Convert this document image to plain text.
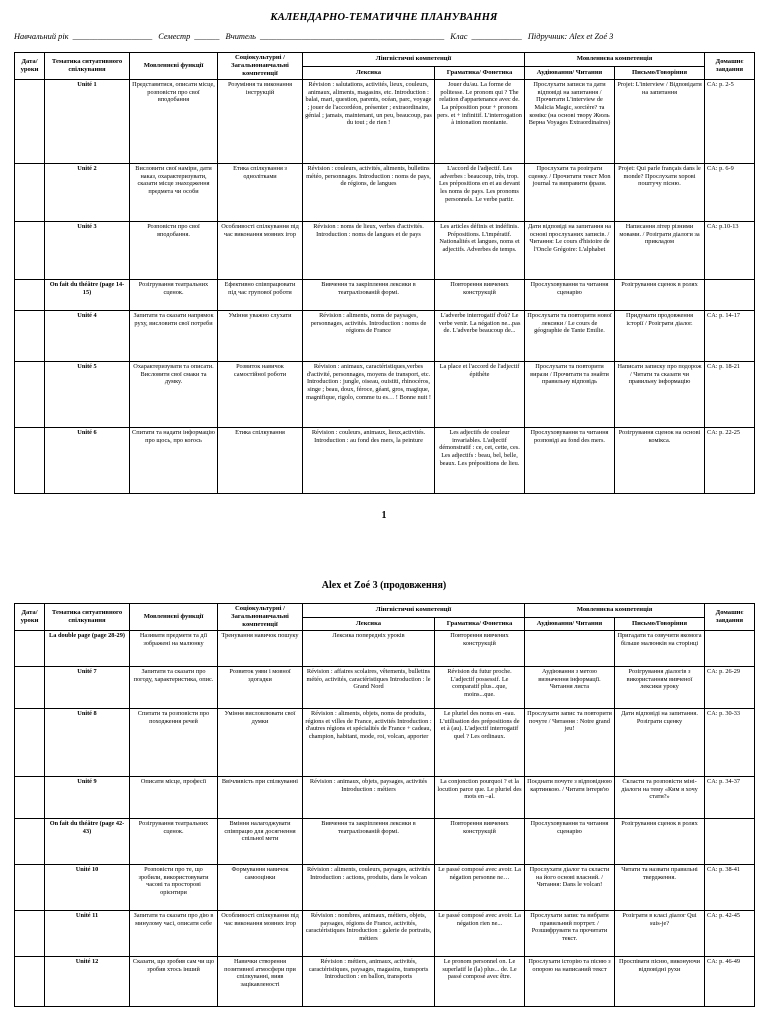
КАЛЕНДАРНО-ТЕМАТИЧНЕ ПЛАНУВАННЯ
Навчальний рік ___________________ Семестр ______ Вчитель ____________________________________________ Клас ____________ Підручник: Alex et Zoé 3
Дата/ уроки	Тематика ситуативного спілкування	Мовленнєві функції	Соціокультурні / Загальнонавчальні компетенції	Лінгвістичні компетенції		Мовленнєва компетенція		Домашнє завдання
				Лексика	Граматика/ Фонетика	Аудіювання/ Читання	Письмо/Говоріння	
	Unité 1	Представитися, описати місце, розповісти про свої вподобання	Розуміння та виконання інструкцій	Révision : salutations, activités, lieux, couleurs, animaux, aliments, magasins, etc. Introduction : balai, mari, question, parents, océan, parc, voyage ; jouer de l'accordéon, présenter ; extraordinaire, génial ; jamais, maintenant, un peu, beaucoup, pas du tout ; de rien !	Jouer du/au. La forme de politesse. Le pronom qui ? The relation d'appartenance avec de. La préposition pour + pronom pers. et + infinitif. L'interrogation à intonation montante.	Прослухати записи та дати відповіді на запитання / Прочитати L'interview de Malicia Magic, sorcière? та комікс (на основі твору Жюль Верна Voyages Extraordinaires)	Projet: L'interview / Відповідати на запитання	CA: p. 2-5
	Unité 2	Висловити свої наміри, дати наказ, охарактеризувати, сказати місце знаходження предмета чи особи	Етика спілкування з однолітками	Révision : couleurs, activités, aliments, bulletins météo, personnages. Introduction : noms de pays, de régions, de langues	L'accord de l'adjectif. Les adverbes : beaucoup, très, trop. Les prépositions en et au devant les noms de pays. Les pronoms personnels. Le verbe partir.	Прослухати та розіграти сценку. / Прочитати текст Mon journal та виправити фрази.	Projet: Qui parle français dans le monde? Прослухати хорові поштучу пісню.	CA: p. 6-9
	Unité 3	Розповісти про свої вподобання.	Особливості спілкування під час виконання мовних ігор	Révision : noms de lieux, verbes d'activités. Introduction : noms de langues et de pays	Les articles définis et indéfinis. Prépositions. L'impératif. Nationalités et langues, noms et adjectifs. Adverbes de temps.	Дати відповіді на запитання на основі прослуханих записів. / Читання: Le cours d'histoire de l'Oncle Grégoire: L'alphabet	Написання літер різними мовами. / Розіграти діалоги за прикладом	CA: p.10-13
	On fait du théâtre (page 14-15)	Розігрування театральних сценок.	Ефективно співпрацювати під час групової роботи	Вивчення та закріплення лексики в театралізованій формі.	Повторення вивчених конструкцій	Прослуховування та читання сценарію	Розігрування сценок в ролях	
	Unité 4	Запитати та сказати напрямок руху, висловити свої потреби	Уміння уважно слухати	Révision : aliments, noms de paysages, personnages, activités. Introduction : noms de régions de France	L'adverbe interrogatif d'où? Le verbe venir. La négation ne...pas de. L'adverbe beaucoup de...	Прослухати та повторити нової лексики / Le cours de géographie de Tante Emilie.	Придумати продовження історії / Розіграти діалог.	CA: p. 14-17
	Unité 5	Охарактеризувати та описати. Висловити свої смаки та думку.	Розвиток навичок самостійної роботи	Révision : animaux, caractéristiques,verbes d'activité, personnages, moyens de transport, etc. Introduction : jungle, oiseau, ouistiti, rhinocéros, singe ; beau, doux, féroce, géant, gros, magique, magnifique, rigolo, comme tu es… ! Bonne nuit !	La place et l'accord de l'adjectif épithète	Прослухати та повторити вирази / Прочитати та знайти правильну відповідь	Написати записку про подорож / Читати та сказати чи правильну інформацію	CA: p. 18-21
	Unité 6	Спитати та надати інформацію про щось, про когось	Етика спілкування	Révision : couleurs, animaux, lieux,activités. Introduction : au fond des mers, la peinture	Les adjectifs de couleur invariables. L'adjectif démonstratif : ce, cet, cette, ces. Les adjectifs : beau, bel, belle, beaux. Les prépositions de lieu.	Прослуховування та читання розповіді au fond des mers.	Розігрування сценок на основі комікса.	CA: p. 22-25
1
Alex et Zoé 3 (продовження)
Дата/ уроки	Тематика ситуативного спілкування	Мовленнєві функції	Соціокультурні / Загальнонавчальні компетенції	Лінгвістичні компетенції		Мовленнєва компетенція		Домашнє завдання
				Лексика	Граматика/ Фонетика	Аудіювання/ Читання	Письмо/Говоріння	
	La double page (page 28-29)	Називати предмети та дії зображені на малюнку	Тренування навичок пошуку	Лексика попередніх уроків	Повторення вивчених конструкцій		Пригадати та озвучити якомога більше малюнків на сторінці	
	Unité 7	Запитати та сказати про погоду, характеристика, опис.	Розвиток уяви і мовної здогадки	Révision : affaires scolaires, vêtements, bulletins météo, activités, caractéristiques Introduction : le Grand Nord	Révision du futur proche. L'adjectif possessif. Le comparatif plus...que, moins...que.	Аудіювання з метою визначення інформації. Читання листа	Розігрування діалогів з використанням вивченої лексики уроку	CA: p. 26-29
	Unité 8	Спитати та розповісти про походження речей	Уміння висловлювати свої думки	Révision : aliments, objets, noms de produits, régions et villes de France, activités Introduction : d'autres régions et spécialités de France + cadeau, champion, habitant, mode, roi, volcan, apporter	Le pluriel des noms en -eau. L'utilisation des prépositions de et à (au). L'adjectif interrogatif quel ? Les ordinaux.	Прослухати запис та повторити почуте / Читання : Notre grand jeu!	Дати відповіді на запитання. Розіграти сценку	CA: p. 30-33
	Unité 9	Описати місце, професії	Ввічливість при спілкуванні	Révision : animaux, objets, paysages, activités Introduction : métiers	La conjonction pourquoi ? et la locution parce que. Le pluriel des mots en –al.	Поєднати почуте з відповідною картинкою. / Читати інтерв'ю	Скласти та розповісти міні-діалоги на тему «Ким я хочу стати?»	CA: p. 34-37
	On fait du théâtre (page 42-43)	Розігрування театральних сценок.	Вміння налагоджувати співпрацю для досягнення спільної мети	Вивчення та закріплення лексики в театралізованій формі.	Повторення вивчених конструкцій	Прослуховування та читання сценарію	Розігрування сценок в ролях	
	Unité 10	Розповісти про те, що зробили, використовувати часові та просторові орієнтири	Формування навичок самооцінки	Révision : aliments, couleurs, paysages, activités Introduction : actions, produits, dans le volcan	Le passé composé avec avoir. La négation personne ne…	Прослухати діалог та скласти на його основі власний. / Читання: Dans le volcan!	Читати та назвати правильні твердження.	CA: p. 38-41
	Unité 11	Запитати та сказати про дію в минулому часі, описати себе	Особливості спілкування під час виконання мовних ігор	Révision : nombres, animaux, métiers, objets, paysages, régions de France, activités, caractéristiques Introduction : galerie de portraits, métiers	Le passé composé avec avoir. La négation rien ne...	Прослухати запис та вибрати правильний портрет. / Розшифрувати та прочитати текст.	Розіграти в класі діалог Qui suis-je?	CA: p. 42-45
	Unité 12	Сказати, що зробив сам чи що зробив хтось інший	Навички створення позитивної атмосфери при спілкуванні, вияв зацікавленості	Révision : métiers, animaux, activités, caractéristiques, paysages, magasins, transports Introduction : en ballon, transports	Le pronom personnel on. Le superlatif le (la) plus... de. Le passé composé avec être.	Прослухати історію та пісню з опорою на написаний текст	Проспівати пісню, виконуючи відповідні рухи	CA: p. 46-49
